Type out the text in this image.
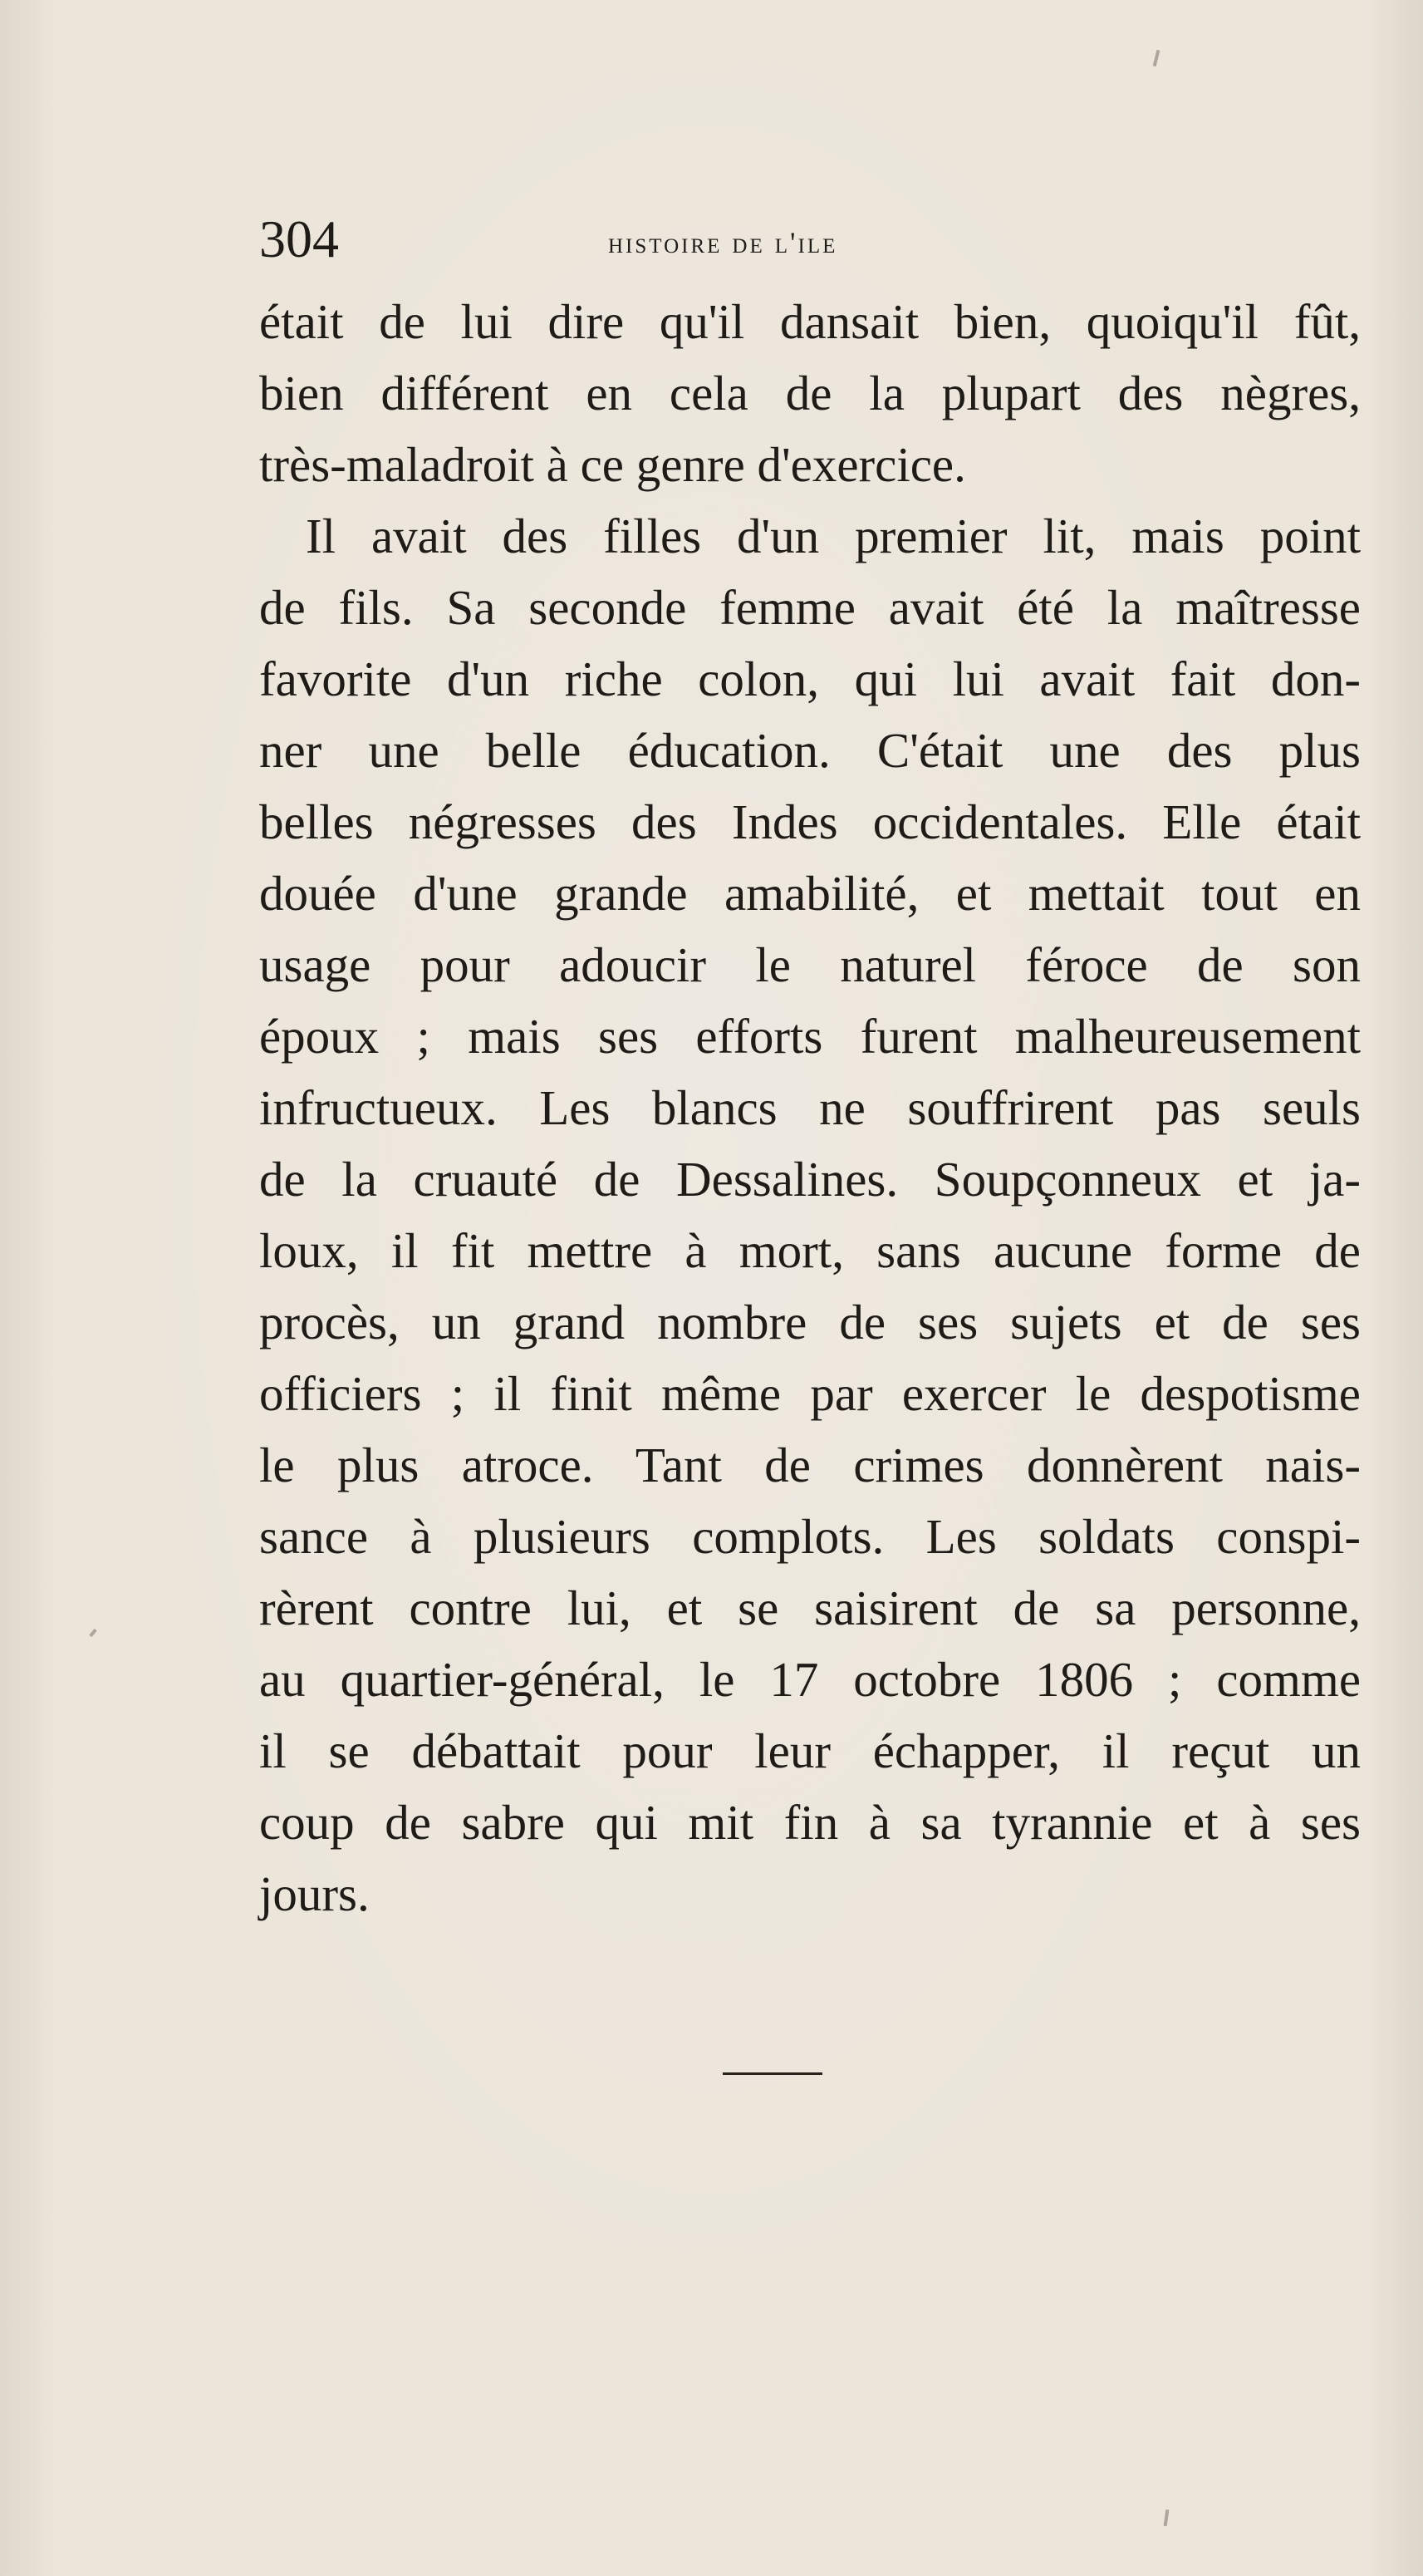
304	histoire de l'ile
était de lui dire qu'il dansait bien, quoiqu'il fût,
bien différent en cela de la plupart des nègres,
très-maladroit à ce genre d'exercice.
Il avait des filles d'un premier lit, mais point
de fils. Sa seconde femme avait été la maîtresse
favorite d'un riche colon, qui lui avait fait don-
ner une belle éducation. C'était une des plus
belles négresses des Indes occidentales. Elle était
douée d'une grande amabilité, et mettait tout en
usage pour adoucir le naturel féroce de son
époux ; mais ses efforts furent malheureusement
infructueux. Les blancs ne souffrirent pas seuls
de la cruauté de Dessalines. Soupçonneux et ja-
loux, il fit mettre à mort, sans aucune forme de
procès, un grand nombre de ses sujets et de ses
officiers ; il finit même par exercer le despotisme
le plus atroce. Tant de crimes donnèrent nais-
sance à plusieurs complots. Les soldats conspi-
rèrent contre lui, et se saisirent de sa personne,
au quartier-général, le 17 octobre 1806 ; comme
il se débattait pour leur échapper, il reçut un
coup de sabre qui mit fin à sa tyrannie et à ses
jours.
